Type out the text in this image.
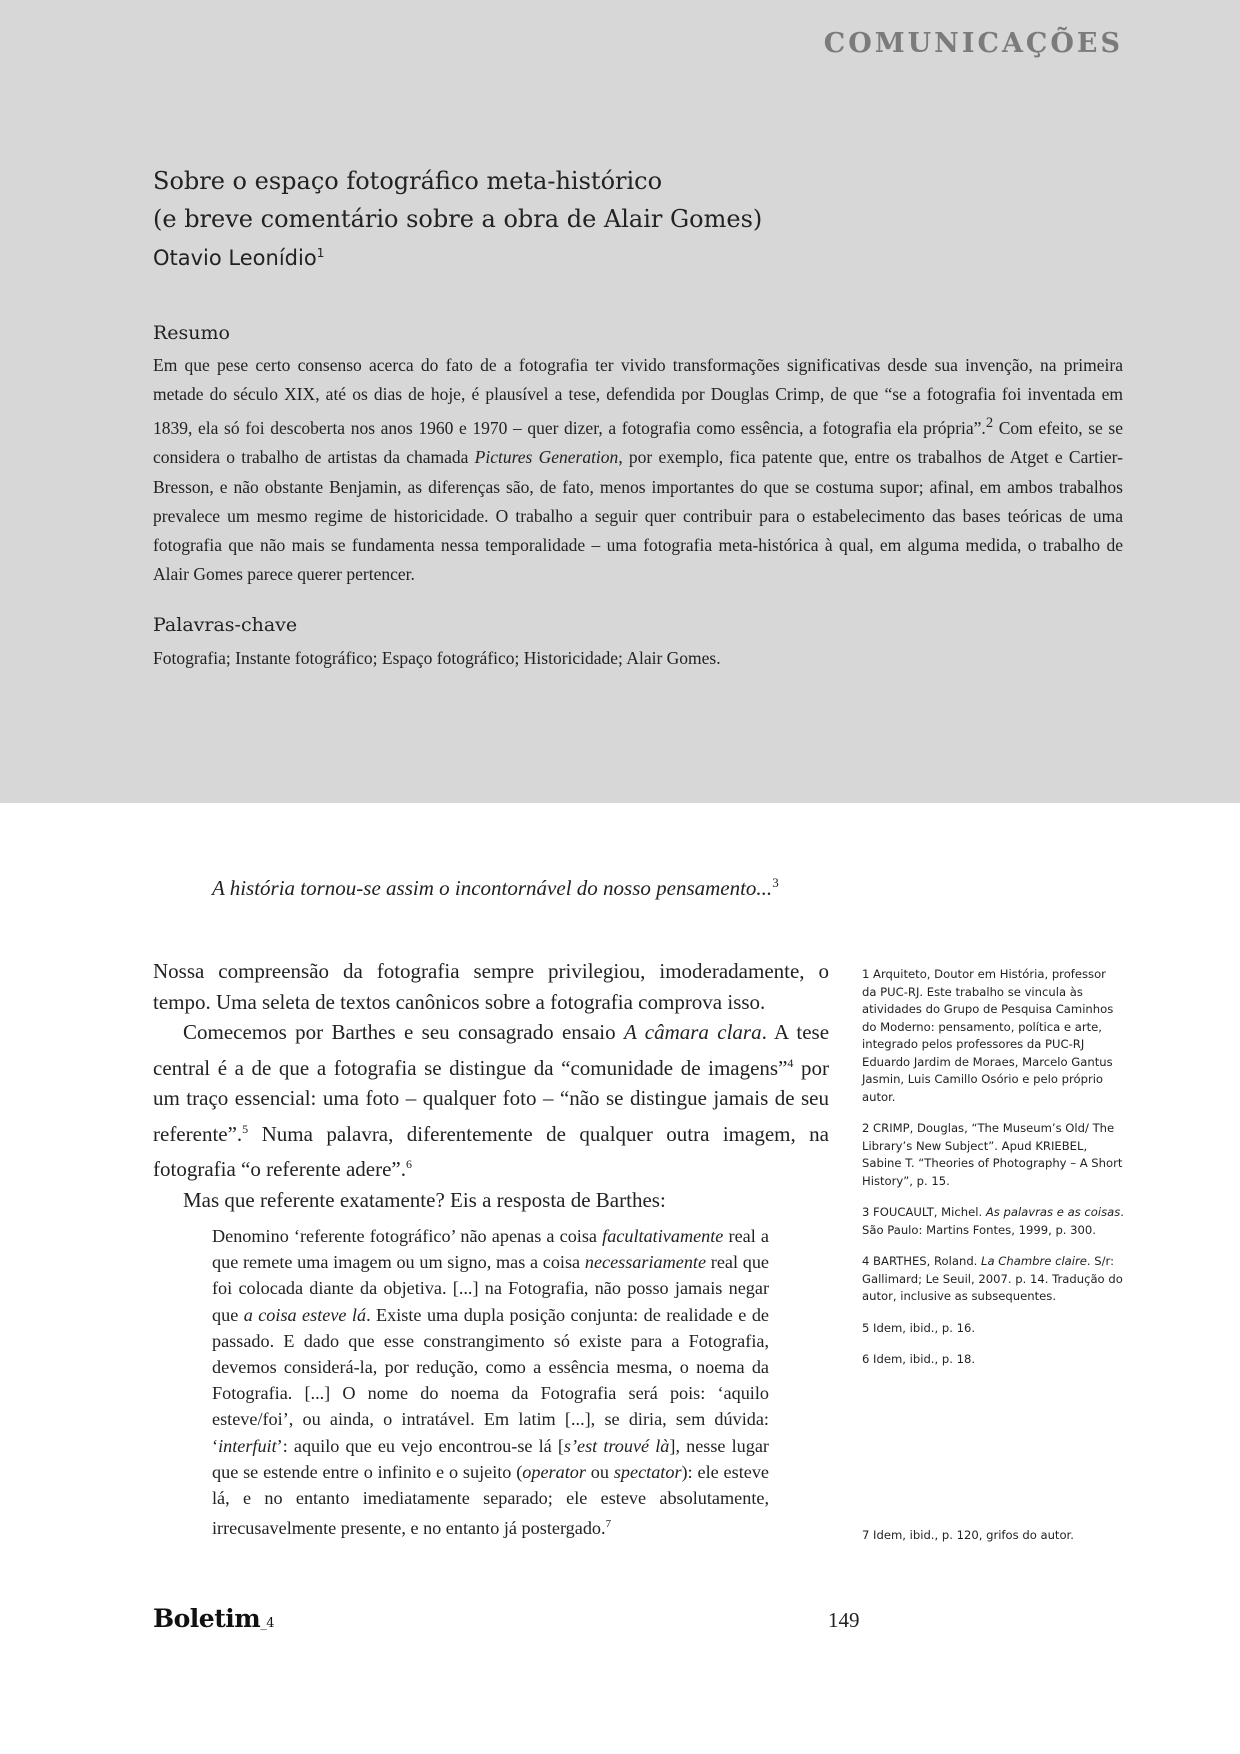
COMUNICAÇÕES
Sobre o espaço fotográfico meta-histórico
(e breve comentário sobre a obra de Alair Gomes)
Otavio Leonídio$^1$
Resumo
Em que pese certo consenso acerca do fato de a fotografia ter vivido transformações significativas desde sua invenção, na primeira metade do século XIX, até os dias de hoje, é plausível a tese, defendida por Douglas Crimp, de que “se a fotografia foi inventada em 1839, ela só foi descoberta nos anos 1960 e 1970 – quer dizer, a fotografia como essência, a fotografia ela própria”.$^2$ Com efeito, se se considera o trabalho de artistas da chamada Pictures Generation, por exemplo, fica patente que, entre os trabalhos de Atget e Cartier-Bresson, e não obstante Benjamin, as diferenças são, de fato, menos importantes do que se costuma supor; afinal, em ambos trabalhos prevalece um mesmo regime de historicidade. O trabalho a seguir quer contribuir para o estabelecimento das bases teóricas de uma fotografia que não mais se fundamenta nessa temporalidade – uma fotografia meta-histórica à qual, em alguma medida, o trabalho de Alair Gomes parece querer pertencer.
Palavras-chave
Fotografia; Instante fotográfico; Espaço fotográfico; Historicidade; Alair Gomes.
A história tornou-se assim o incontornável do nosso pensamento...$^3$

Nossa compreensão da fotografia sempre privilegiou, imoderadamente, o tempo. Uma seleta de textos canônicos sobre a fotografia comprova isso.

Comecemos por Barthes e seu consagrado ensaio A câmara clara. A tese central é a de que a fotografia se distingue da “comunidade de imagens”$^4$ por um traço essencial: uma foto – qualquer foto – “não se distingue jamais de seu referente”.$^5$ Numa palavra, diferentemente de qualquer outra imagem, na fotografia “o referente adere”.$^6$

Mas que referente exatamente? Eis a resposta de Barthes:

Denomino ‘referente fotográfico’ não apenas a coisa facultativamente real a que remete uma imagem ou um signo, mas a coisa necessariamente real que foi colocada diante da objetiva. [...] na Fotografia, não posso jamais negar que a coisa esteve lá. Existe uma dupla posição conjunta: de realidade e de passado. E dado que esse constrangimento só existe para a Fotografia, devemos considerá-la, por redução, como a essência mesma, o noema da Fotografia. [...] O nome do noema da Fotografia será pois: ‘aquilo esteve/foi’, ou ainda, o intratável. Em latim [...], se diria, sem dúvida: ‘interfuit’: aquilo que eu vejo encontrou-se lá [s’est trouvé là], nesse lugar que se estende entre o infinito e o sujeito (operator ou spectator): ele esteve lá, e no entanto imediatamente separado; ele esteve absolutamente, irrecusavelmente presente, e no entanto já postergado.$^7$
1 Arquiteto, Doutor em História, professor da PUC-RJ. Este trabalho se vincula às atividades do Grupo de Pesquisa Caminhos do Moderno: pensamento, política e arte, integrado pelos professores da PUC-RJ Eduardo Jardim de Moraes, Marcelo Gantus Jasmin, Luis Camillo Osório e pelo próprio autor.
2 CRIMP, Douglas, “The Museum’s Old/ The Library’s New Subject”. Apud KRIEBEL, Sabine T. “Theories of Photography – A Short History”, p. 15.
3 FOUCAULT, Michel. As palavras e as coisas. São Paulo: Martins Fontes, 1999, p. 300.
4 BARTHES, Roland. La Chambre claire. S/r: Gallimard; Le Seuil, 2007. p. 14. Tradução do autor, inclusive as subsequentes.
5 Idem, ibid., p. 16.
6 Idem, ibid., p. 18.
7 Idem, ibid., p. 120, grifos do autor.
Boletim_4	149
